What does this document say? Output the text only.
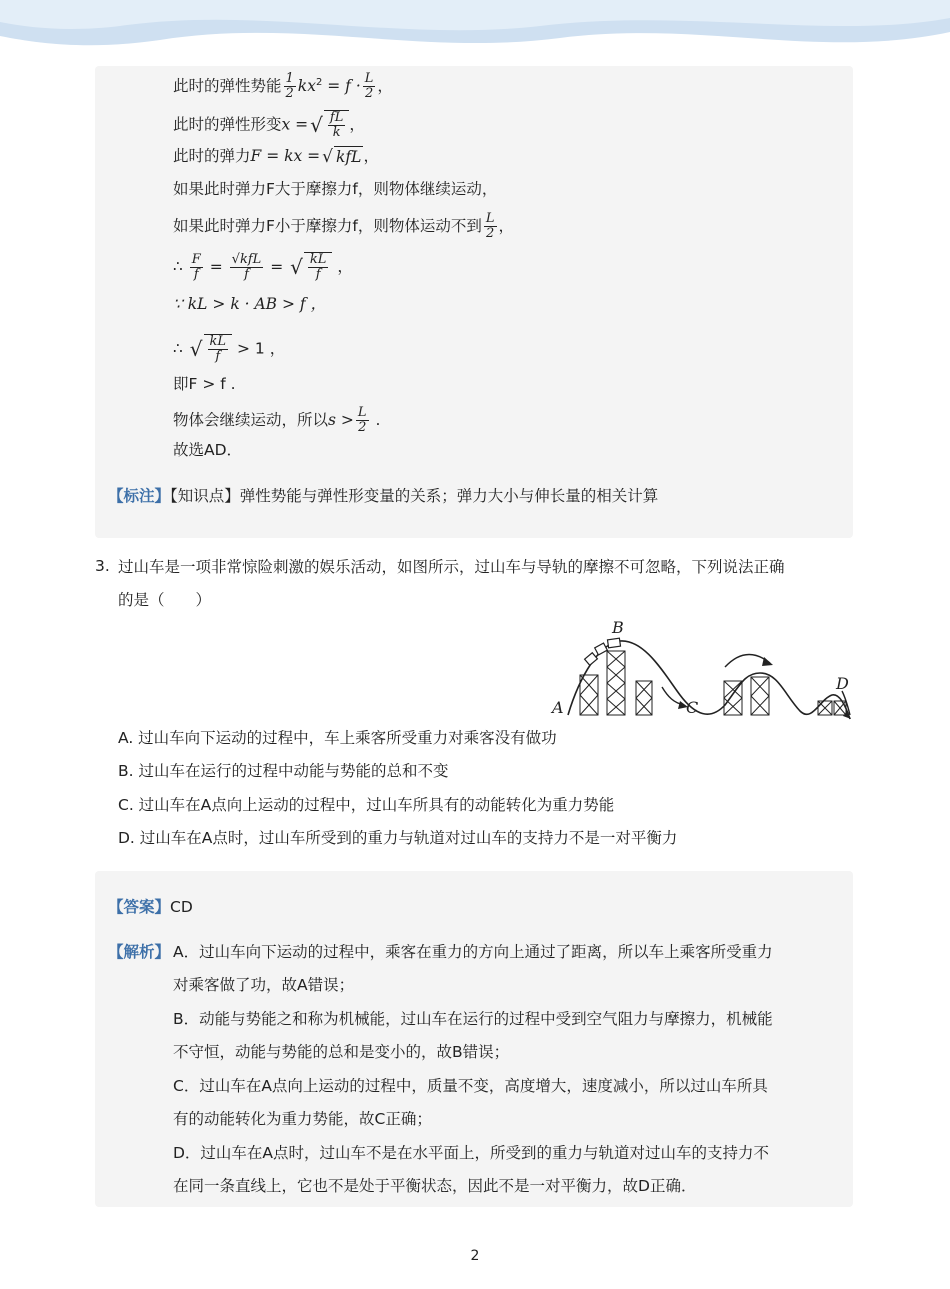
此时的弹性势能 $\frac{1}{2} kx^2 = f \cdot \frac{L}{2}$ ，
此时的弹性形变x = √ $\frac{fL}{k}$ ，
此时的弹力F = kx = √ kfL ，
如果此时弹力F大于摩擦力f，则物体继续运动，
如果此时弹力F小于摩擦力f，则物体运动不到 $\frac{L}{2}$ ，
∴ $\frac{F}{f} = \frac{\text{√kfL}}{f}$ = √ $\frac{kL}{f}$ ，
∵ kL > k · AB > f ，
∴ √ $\frac{kL}{f} > 1$ ，
即F > f .
物体会继续运动，所以$s > \frac{L}{2}$ .
故选AD．
【标注】【知识点】弹性势能与弹性形变量的关系；弹力大小与伸长量的相关计算
3. 过山车是一项非常惊险刺激的娱乐活动，如图所示，过山车与导轨的摩擦不可忽略，下列说法正确
的是（　　）
A
B
C
D
A. 过山车向下运动的过程中，车上乘客所受重力对乘客没有做功
B. 过山车在运行的过程中动能与势能的总和不变
C. 过山车在A点向上运动的过程中，过山车所具有的动能转化为重力势能
D. 过山车在A点时，过山车所受到的重力与轨道对过山车的支持力不是一对平衡力
【答案】CD
【解析】 A．过山车向下运动的过程中，乘客在重力的方向上通过了距离，所以车上乘客所受重力
对乘客做了功，故A错误；
B．动能与势能之和称为机械能，过山车在运行的过程中受到空气阻力与摩擦力，机械能
不守恒，动能与势能的总和是变小的，故B错误；
C．过山车在A点向上运动的过程中，质量不变，高度增大，速度减小，所以过山车所具
有的动能转化为重力势能，故C正确；
D．过山车在A点时，过山车不是在水平面上，所受到的重力与轨道对过山车的支持力不
在同一条直线上，它也不是处于平衡状态，因此不是一对平衡力，故D正确．
2
